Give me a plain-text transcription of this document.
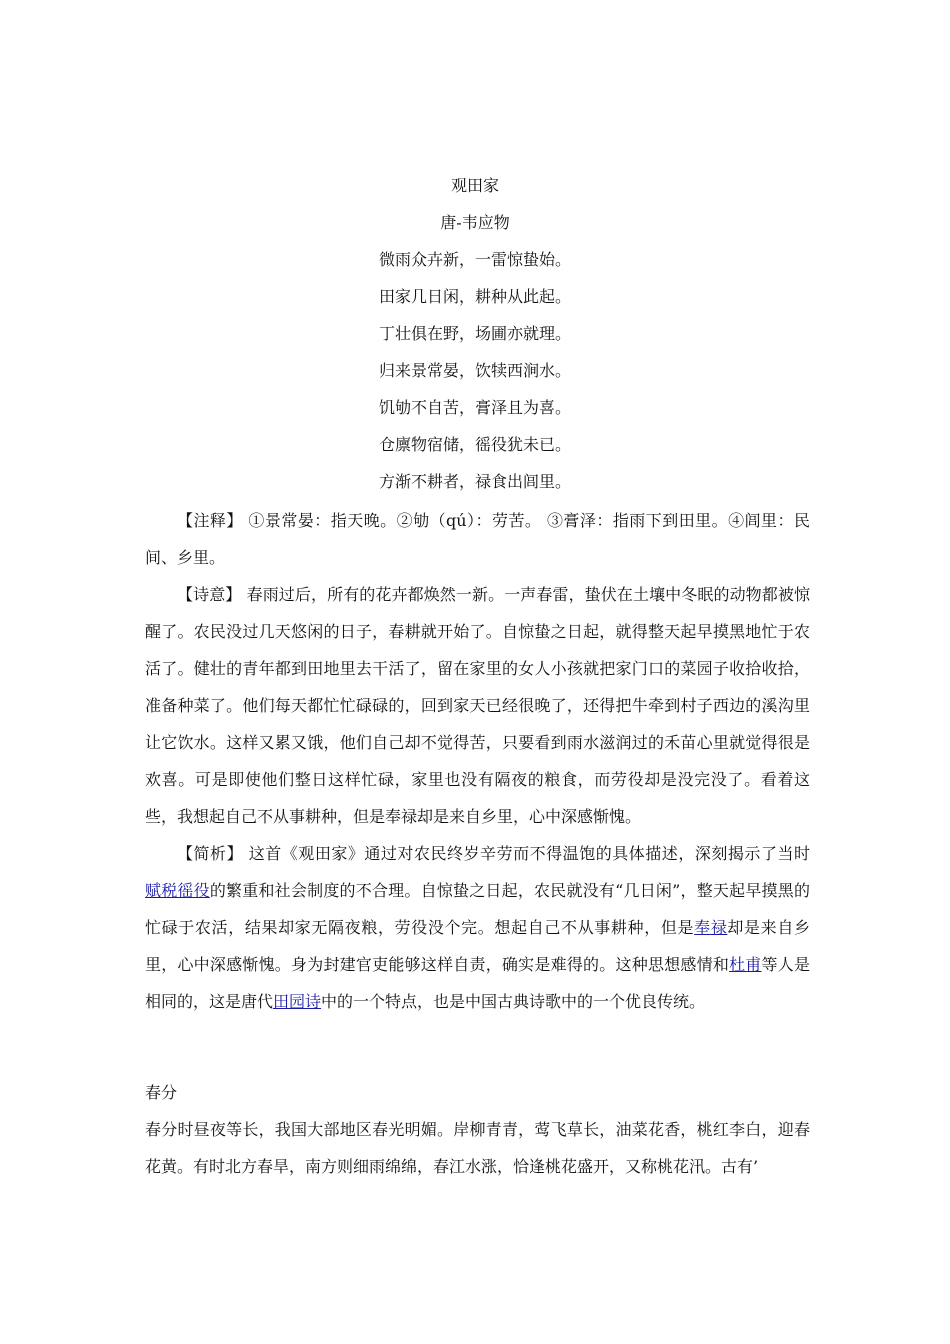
观田家
唐-韦应物
微雨众卉新，一雷惊蛰始。
田家几日闲，耕种从此起。
丁壮俱在野，场圃亦就理。
归来景常晏，饮犊西涧水。
饥劬不自苦，膏泽且为喜。
仓廪物宿储，徭役犹未已。
方渐不耕者，禄食出闾里。
【注释】 ①景常晏：指天晚。②劬（qú）：劳苦。 ③膏泽：指雨下到田里。④闾里：民间、乡里。
【诗意】 春雨过后，所有的花卉都焕然一新。一声春雷，蛰伏在土壤中冬眠的动物都被惊醒了。农民没过几天悠闲的日子，春耕就开始了。自惊蛰之日起，就得整天起早摸黑地忙于农活了。健壮的青年都到田地里去干活了，留在家里的女人小孩就把家门口的菜园子收拾收拾，准备种菜了。他们每天都忙忙碌碌的，回到家天已经很晚了，还得把牛牵到村子西边的溪沟里让它饮水。这样又累又饿，他们自己却不觉得苦，只要看到雨水滋润过的禾苗心里就觉得很是欢喜。可是即使他们整日这样忙碌，家里也没有隔夜的粮食，而劳役却是没完没了。看着这些，我想起自己不从事耕种，但是奉禄却是来自乡里，心中深感惭愧。
【简析】 这首《观田家》通过对农民终岁辛劳而不得温饱的具体描述，深刻揭示了当时 赋税徭役的繁重和社会制度的不合理。自惊蛰之日起，农民就没有“几日闲”，整天起早摸黑的忙碌于农活，结果却家无隔夜粮，劳役没个完。想起自己不从事耕种，但是奉禄却是来自乡里，心中深感惭愧。身为封建官吏能够这样自责，确实是难得的。这种思想感情和杜甫等人是相同的，这是唐代田园诗中的一个特点，也是中国古典诗歌中的一个优良传统。
春分
春分时昼夜等长，我国大部地区春光明媚。岸柳青青，莺飞草长，油菜花香，桃红李白，迎春花黄。有时北方春旱，南方则细雨绵绵，春江水涨，恰逢桃花盛开，又称桃花汛。古有’
